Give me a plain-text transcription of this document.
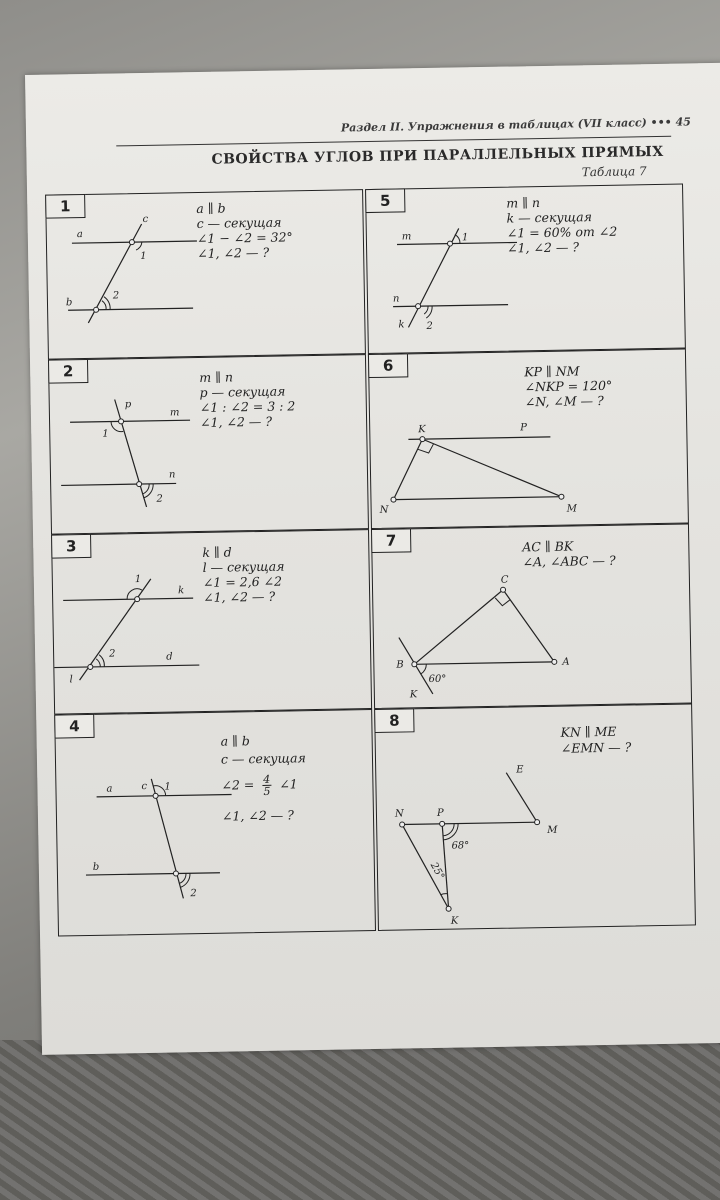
Раздел II. Упражнения в таблицах (VII класс) ••• 45
СВОЙСТВА УГЛОВ ПРИ ПАРАЛЛЕЛЬНЫХ ПРЯМЫХ
Таблица 7
1	a ∥ b
c — секущая
∠1 − ∠2 = 32°
∠1, ∠2 — ?
a
b
c
1
2
5	m ∥ n
k — секущая
∠1 = 60% от ∠2
∠1, ∠2 — ?
m
n
k
1
2
2	m ∥ n
p — секущая
∠1 : ∠2 = 3 : 2
∠1, ∠2 — ?
p
m
n
1
2
6	KP ∥ NM
∠NKP = 120°
∠N, ∠M — ?
K	P
N	M
3	k ∥ d
l — секущая
∠1 = 2,6 ∠2
∠1, ∠2 — ?
1
k
d
2
l
7	AC ∥ BK
∠A, ∠ABC — ?
C
A
B
K
60°
4
a ∥ b
c — секущая
∠2 = $\frac{4}{5}$ ∠1
∠1, ∠2 — ?
a
b
c 1
2
8
KN ∥ ME
∠EMN — ?
E
N	P
M
K
68°
25°
